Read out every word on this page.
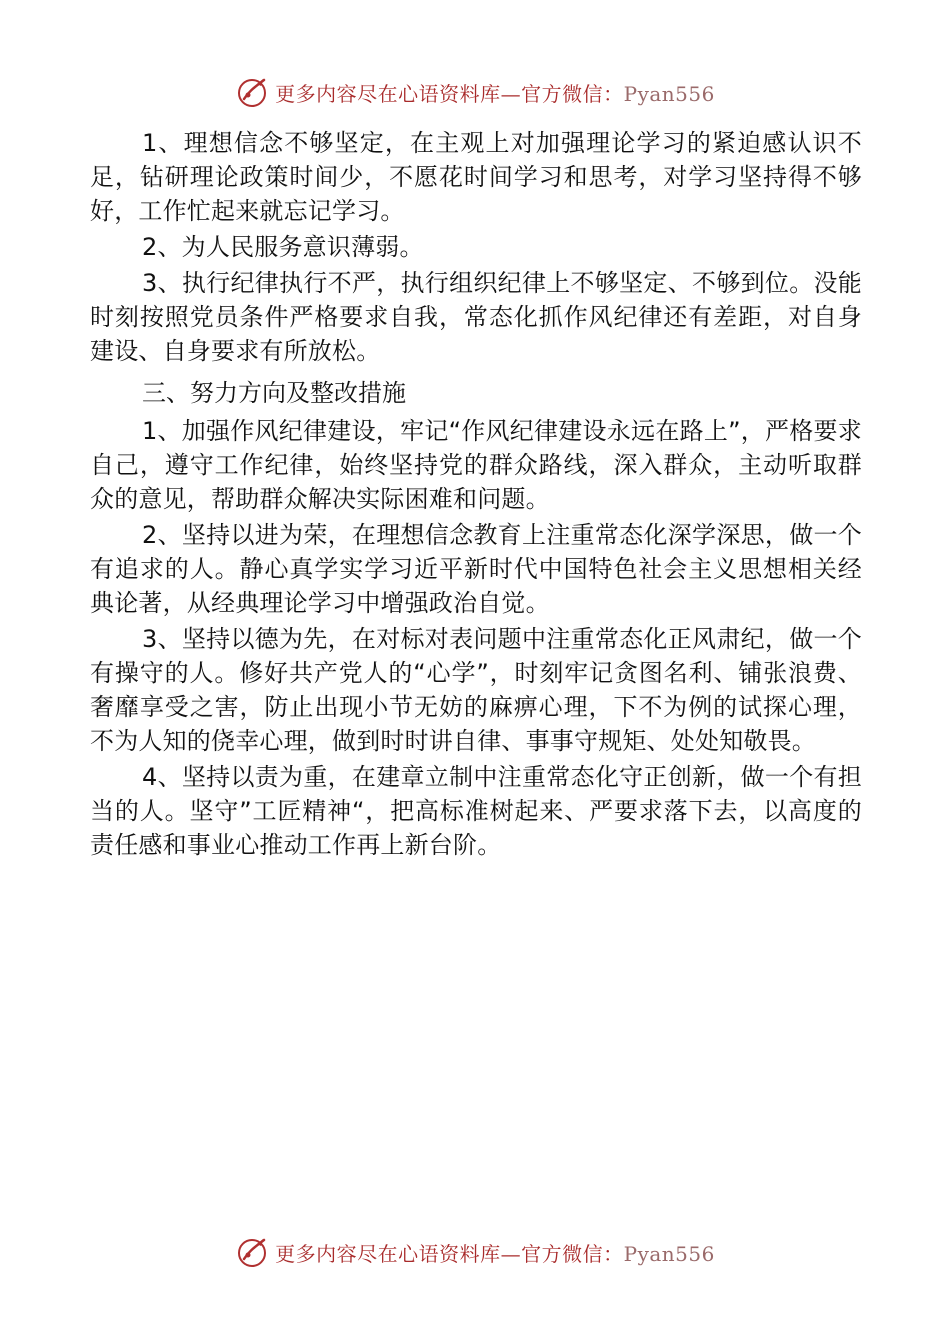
更多内容尽在心语资料库—官方微信：Pyan556

1、理想信念不够坚定，在主观上对加强理论学习的紧迫感认识不足，钻研理论政策时间少，不愿花时间学习和思考，对学习坚持得不够好，工作忙起来就忘记学习。

2、为人民服务意识薄弱。

3、执行纪律执行不严，执行组织纪律上不够坚定、不够到位。没能时刻按照党员条件严格要求自我，常态化抓作风纪律还有差距，对自身建设、自身要求有所放松。

三、努力方向及整改措施

1、加强作风纪律建设，牢记“作风纪律建设永远在路上”，严格要求自己，遵守工作纪律，始终坚持党的群众路线，深入群众，主动听取群众的意见，帮助群众解决实际困难和问题。

2、坚持以进为荣，在理想信念教育上注重常态化深学深思，做一个有追求的人。静心真学实学习近平新时代中国特色社会主义思想相关经典论著，从经典理论学习中增强政治自觉。

3、坚持以德为先，在对标对表问题中注重常态化正风肃纪，做一个有操守的人。修好共产党人的“心学”，时刻牢记贪图名利、铺张浪费、奢靡享受之害，防止出现小节无妨的麻痹心理，下不为例的试探心理，不为人知的侥幸心理，做到时时讲自律、事事守规矩、处处知敬畏。

4、坚持以责为重，在建章立制中注重常态化守正创新，做一个有担当的人。坚守”工匠精神“，把高标准树起来、严要求落下去，以高度的责任感和事业心推动工作再上新台阶。

更多内容尽在心语资料库—官方微信：Pyan556
